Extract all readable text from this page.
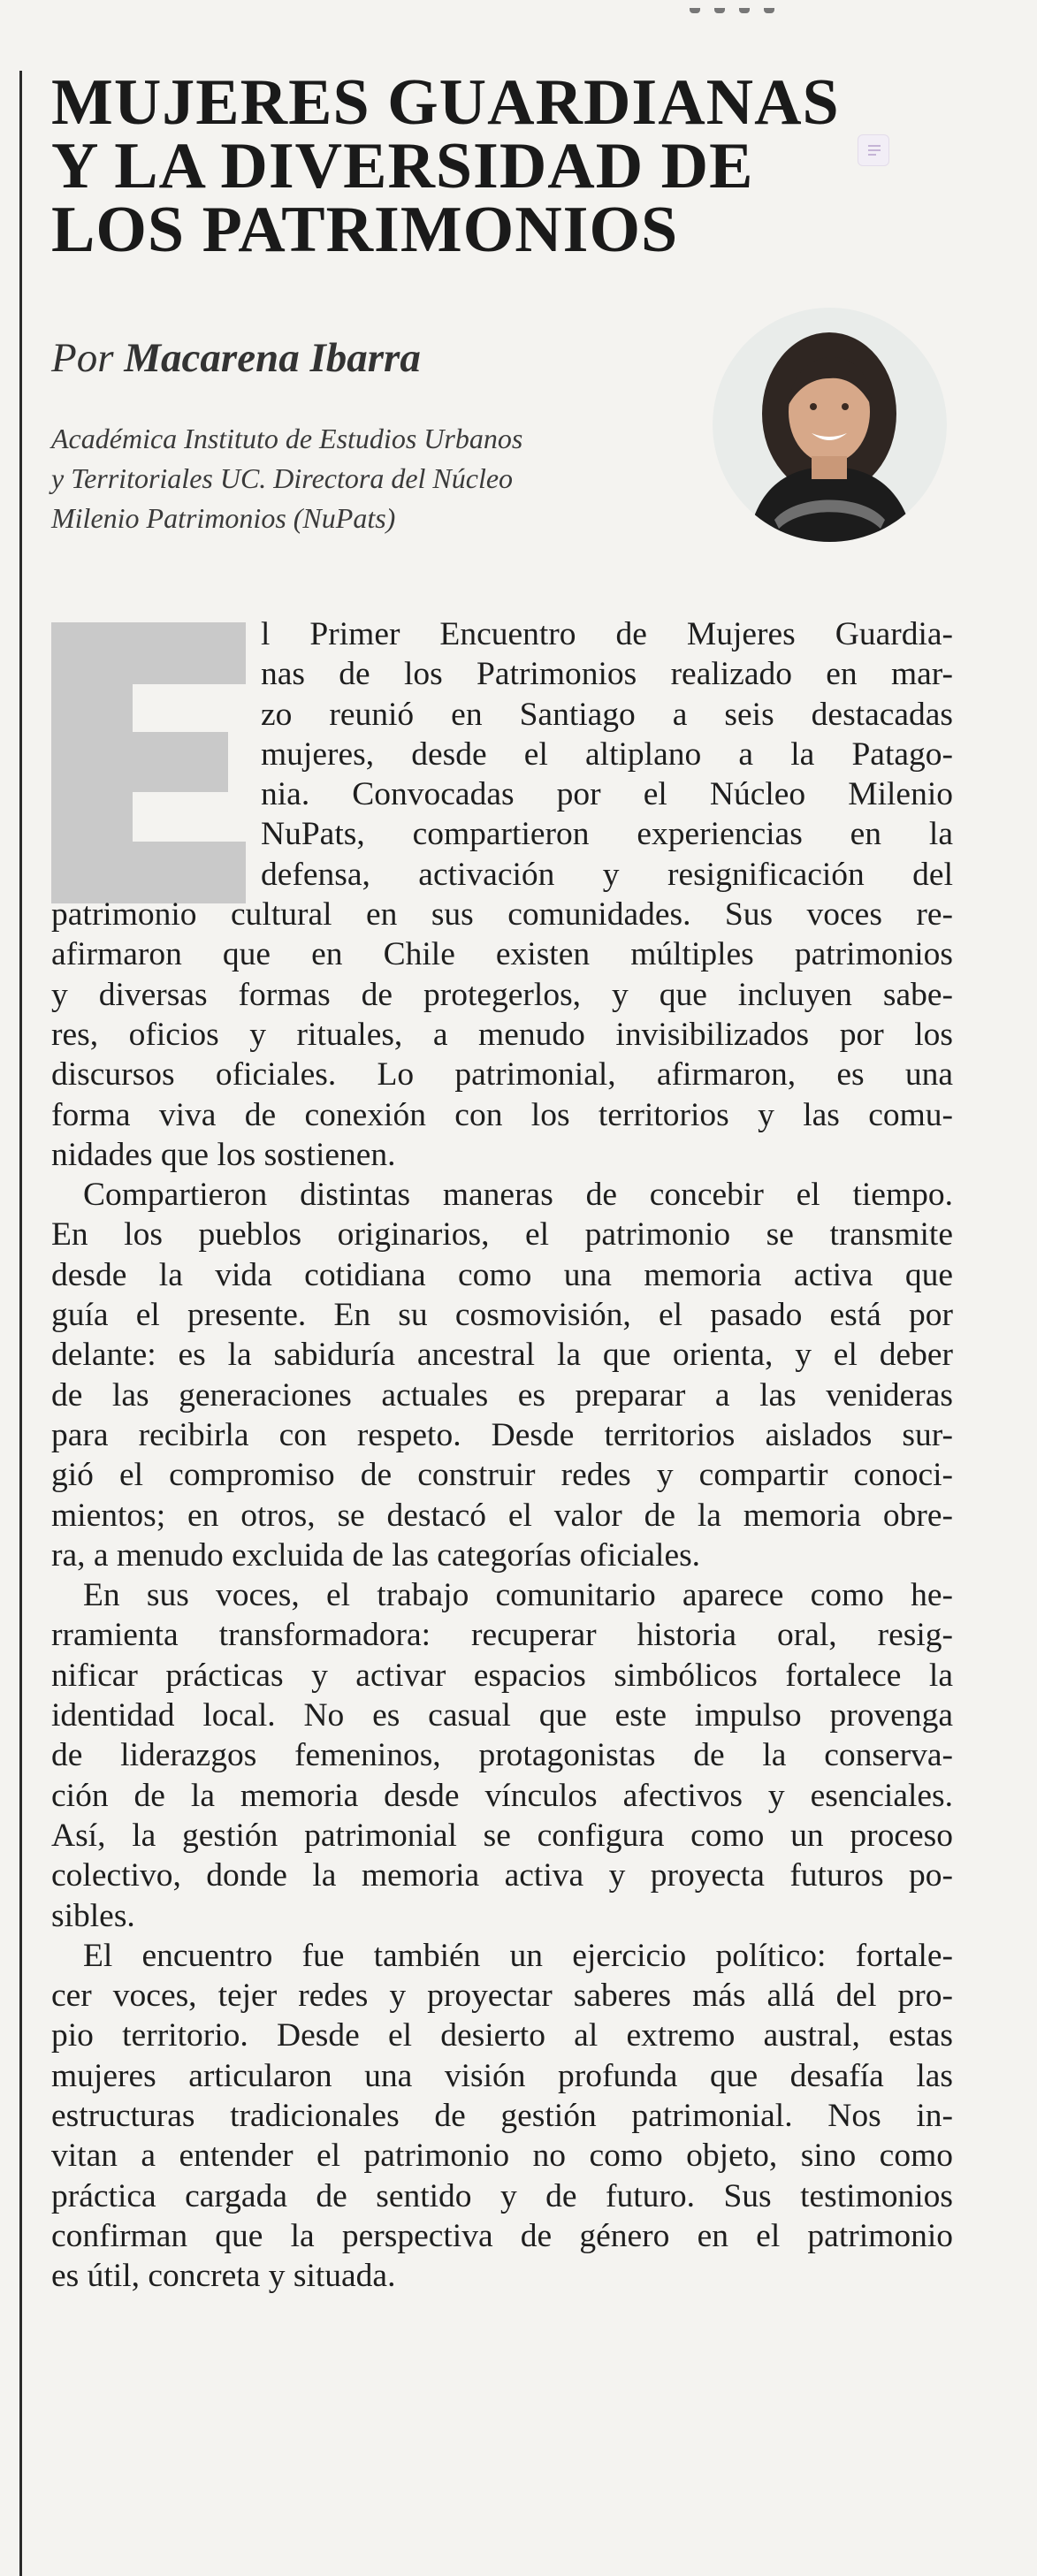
MUJERES GUARDIANAS
Y LA DIVERSIDAD DE
LOS PATRIMONIOS
Por Macarena Ibarra
Académica Instituto de Estudios Urbanos
y Territoriales UC. Directora del Núcleo
Milenio Patrimonios (NuPats)
l Primer Encuentro de Mujeres Guardia-
nas de los Patrimonios realizado en mar-
zo reunió en Santiago a seis destacadas
mujeres, desde el altiplano a la Patago-
nia. Convocadas por el Núcleo Milenio
NuPats, compartieron experiencias en la
defensa, activación y resignificación del
patrimonio cultural en sus comunidades. Sus voces re-
afirmaron que en Chile existen múltiples patrimonios
y diversas formas de protegerlos, y que incluyen sabe-
res, oficios y rituales, a menudo invisibilizados por los
discursos oficiales. Lo patrimonial, afirmaron, es una
forma viva de conexión con los territorios y las comu-
nidades que los sostienen.
Compartieron distintas maneras de concebir el tiempo.
En los pueblos originarios, el patrimonio se transmite
desde la vida cotidiana como una memoria activa que
guía el presente. En su cosmovisión, el pasado está por
delante: es la sabiduría ancestral la que orienta, y el deber
de las generaciones actuales es preparar a las venideras
para recibirla con respeto. Desde territorios aislados sur-
gió el compromiso de construir redes y compartir conoci-
mientos; en otros, se destacó el valor de la memoria obre-
ra, a menudo excluida de las categorías oficiales.
En sus voces, el trabajo comunitario aparece como he-
rramienta transformadora: recuperar historia oral, resig-
nificar prácticas y activar espacios simbólicos fortalece la
identidad local. No es casual que este impulso provenga
de liderazgos femeninos, protagonistas de la conserva-
ción de la memoria desde vínculos afectivos y esenciales.
Así, la gestión patrimonial se configura como un proceso
colectivo, donde la memoria activa y proyecta futuros po-
sibles.
El encuentro fue también un ejercicio político: fortale-
cer voces, tejer redes y proyectar saberes más allá del pro-
pio territorio. Desde el desierto al extremo austral, estas
mujeres articularon una visión profunda que desafía las
estructuras tradicionales de gestión patrimonial. Nos in-
vitan a entender el patrimonio no como objeto, sino como
práctica cargada de sentido y de futuro. Sus testimonios
confirman que la perspectiva de género en el patrimonio
es útil, concreta y situada.
